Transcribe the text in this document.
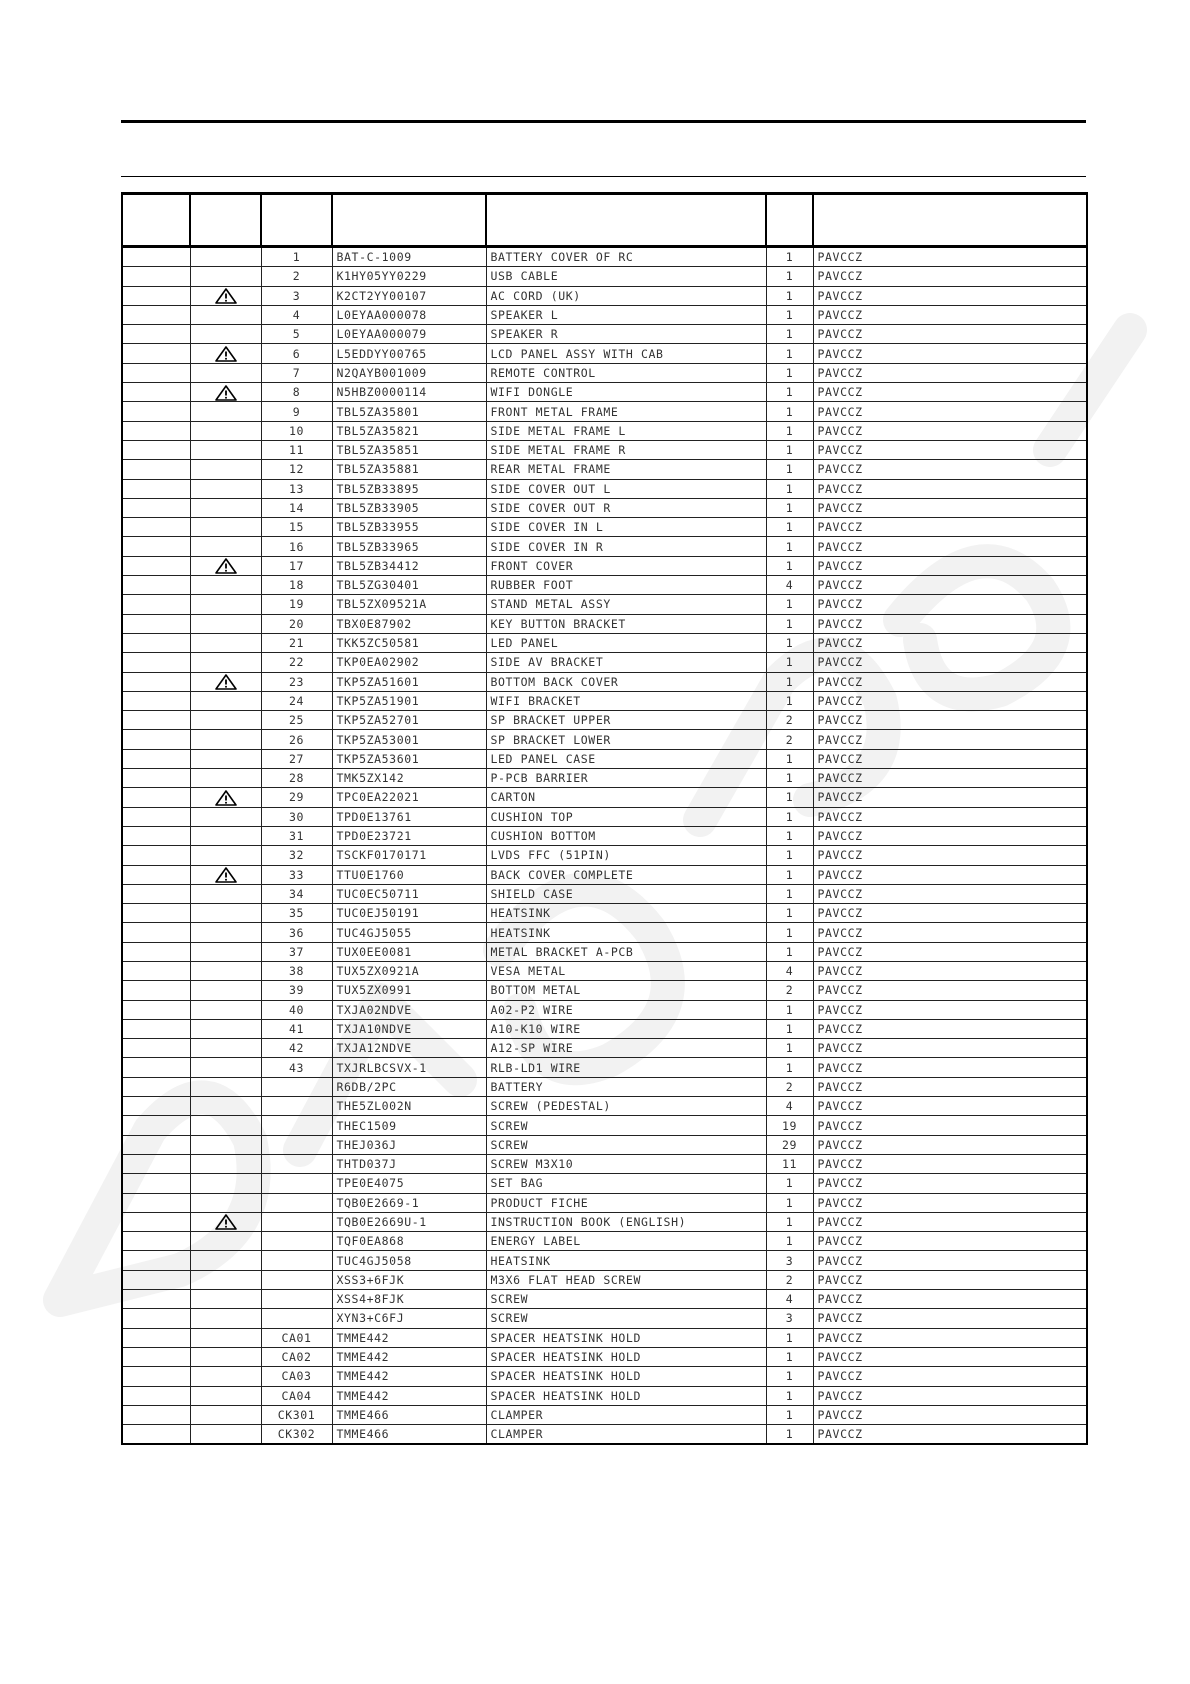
		1	BAT-C-1009	BATTERY COVER OF RC	1	PAVCCZ
		2	K1HY05YY0229	USB CABLE	1	PAVCCZ
		3	K2CT2YY00107	AC CORD (UK)	1	PAVCCZ
		4	L0EYAA000078	SPEAKER L	1	PAVCCZ
		5	L0EYAA000079	SPEAKER R	1	PAVCCZ
		6	L5EDDYY00765	LCD PANEL ASSY WITH CAB	1	PAVCCZ
		7	N2QAYB001009	REMOTE CONTROL	1	PAVCCZ
		8	N5HBZ0000114	WIFI DONGLE	1	PAVCCZ
		9	TBL5ZA35801	FRONT METAL FRAME	1	PAVCCZ
		10	TBL5ZA35821	SIDE METAL FRAME L	1	PAVCCZ
		11	TBL5ZA35851	SIDE METAL FRAME R	1	PAVCCZ
		12	TBL5ZA35881	REAR METAL FRAME	1	PAVCCZ
		13	TBL5ZB33895	SIDE COVER OUT L	1	PAVCCZ
		14	TBL5ZB33905	SIDE COVER OUT R	1	PAVCCZ
		15	TBL5ZB33955	SIDE COVER IN L	1	PAVCCZ
		16	TBL5ZB33965	SIDE COVER IN R	1	PAVCCZ
		17	TBL5ZB34412	FRONT COVER	1	PAVCCZ
		18	TBL5ZG30401	RUBBER FOOT	4	PAVCCZ
		19	TBL5ZX09521A	STAND METAL ASSY	1	PAVCCZ
		20	TBX0E87902	KEY BUTTON BRACKET	1	PAVCCZ
		21	TKK5ZC50581	LED PANEL	1	PAVCCZ
		22	TKP0EA02902	SIDE AV BRACKET	1	PAVCCZ
		23	TKP5ZA51601	BOTTOM BACK COVER	1	PAVCCZ
		24	TKP5ZA51901	WIFI BRACKET	1	PAVCCZ
		25	TKP5ZA52701	SP BRACKET UPPER	2	PAVCCZ
		26	TKP5ZA53001	SP BRACKET LOWER	2	PAVCCZ
		27	TKP5ZA53601	LED PANEL CASE	1	PAVCCZ
		28	TMK5ZX142	P-PCB BARRIER	1	PAVCCZ
		29	TPC0EA22021	CARTON	1	PAVCCZ
		30	TPD0E13761	CUSHION TOP	1	PAVCCZ
		31	TPD0E23721	CUSHION BOTTOM	1	PAVCCZ
		32	TSCKF0170171	LVDS FFC (51PIN)	1	PAVCCZ
		33	TTU0E1760	BACK COVER COMPLETE	1	PAVCCZ
		34	TUC0EC50711	SHIELD CASE	1	PAVCCZ
		35	TUC0EJ50191	HEATSINK	1	PAVCCZ
		36	TUC4GJ5055	HEATSINK	1	PAVCCZ
		37	TUX0EE0081	METAL BRACKET A-PCB	1	PAVCCZ
		38	TUX5ZX0921A	VESA METAL	4	PAVCCZ
		39	TUX5ZX0991	BOTTOM METAL	2	PAVCCZ
		40	TXJA02NDVE	A02-P2 WIRE	1	PAVCCZ
		41	TXJA10NDVE	A10-K10 WIRE	1	PAVCCZ
		42	TXJA12NDVE	A12-SP WIRE	1	PAVCCZ
		43	TXJRLBCSVX-1	RLB-LD1 WIRE	1	PAVCCZ
			R6DB/2PC	BATTERY	2	PAVCCZ
			THE5ZL002N	SCREW (PEDESTAL)	4	PAVCCZ
			THEC1509	SCREW	19	PAVCCZ
			THEJ036J	SCREW	29	PAVCCZ
			THTD037J	SCREW M3X10	11	PAVCCZ
			TPE0E4075	SET BAG	1	PAVCCZ
			TQB0E2669-1	PRODUCT FICHE	1	PAVCCZ
			TQB0E2669U-1	INSTRUCTION BOOK (ENGLISH)	1	PAVCCZ
			TQF0EA868	ENERGY LABEL	1	PAVCCZ
			TUC4GJ5058	HEATSINK	3	PAVCCZ
			XSS3+6FJK	M3X6 FLAT HEAD SCREW	2	PAVCCZ
			XSS4+8FJK	SCREW	4	PAVCCZ
			XYN3+C6FJ	SCREW	3	PAVCCZ
		CA01	TMME442	SPACER HEATSINK HOLD	1	PAVCCZ
		CA02	TMME442	SPACER HEATSINK HOLD	1	PAVCCZ
		CA03	TMME442	SPACER HEATSINK HOLD	1	PAVCCZ
		CA04	TMME442	SPACER HEATSINK HOLD	1	PAVCCZ
		CK301	TMME466	CLAMPER	1	PAVCCZ
		CK302	TMME466	CLAMPER	1	PAVCCZ
